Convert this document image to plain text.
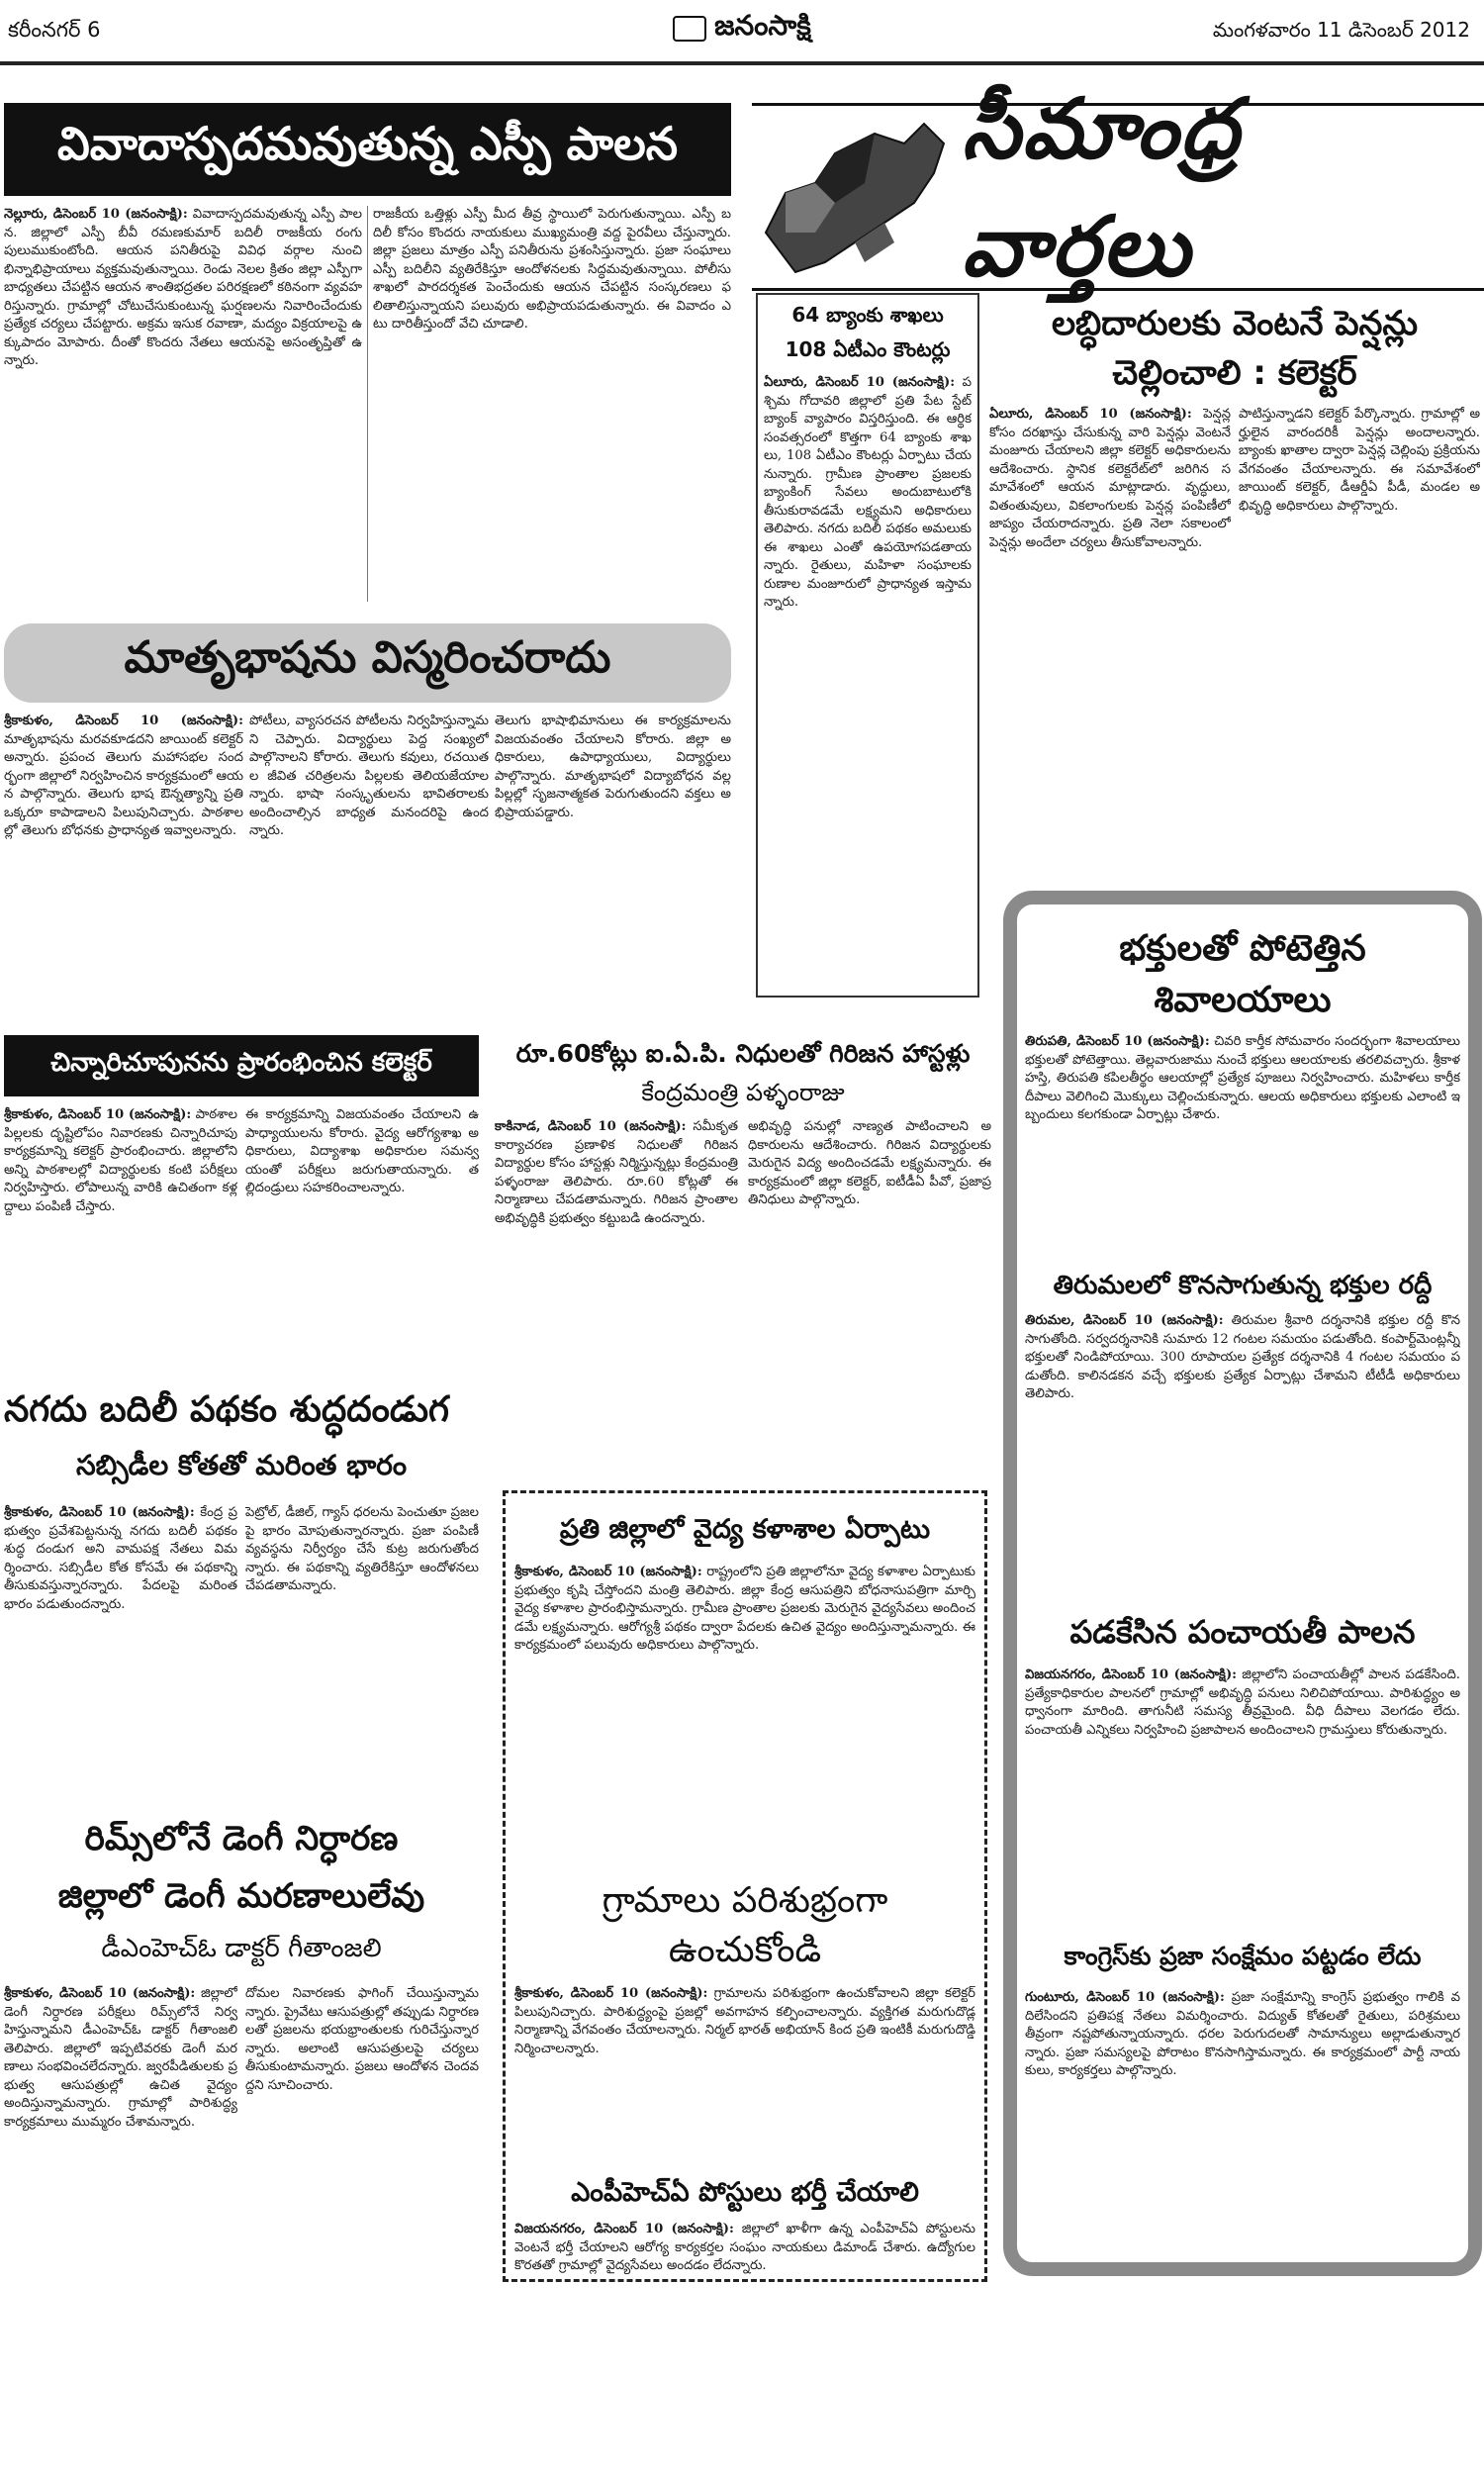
కరీంనగర్ 6	జనంసాక్షి	మంగళవారం 11 డిసెంబర్ 2012
వివాదాస్పదమవుతున్న ఎస్పీ పాలన
నెల్లూరు, డిసెంబర్ 10 (జనంసాక్షి): వివాదాస్పదమవుతున్న ఎస్పీ పాలన. జిల్లాలో ఎస్పీ బీవీ రమణకుమార్ బదిలీ రాజకీయ రంగు పులుముకుంటోంది. ఆయన పనితీరుపై వివిధ వర్గాల నుంచి భిన్నాభిప్రాయాలు వ్యక్తమవుతున్నాయి. రెండు నెలల క్రితం జిల్లా ఎస్పీగా బాధ్యతలు చేపట్టిన ఆయన శాంతిభద్రతల పరిరక్షణలో కఠినంగా వ్యవహరిస్తున్నారు. గ్రామాల్లో చోటుచేసుకుంటున్న ఘర్షణలను నివారించేందుకు ప్రత్యేక చర్యలు చేపట్టారు. అక్రమ ఇసుక రవాణా, మద్యం విక్రయాలపై ఉక్కుపాదం మోపారు. దీంతో కొందరు నేతలు ఆయనపై అసంతృప్తితో ఉన్నారు.
రాజకీయ ఒత్తిళ్లు ఎస్పీ మీద తీవ్ర స్థాయిలో పెరుగుతున్నాయి. ఎస్పీ బదిలీ కోసం కొందరు నాయకులు ముఖ్యమంత్రి వద్ద పైరవీలు చేస్తున్నారు. జిల్లా ప్రజలు మాత్రం ఎస్పీ పనితీరును ప్రశంసిస్తున్నారు. ప్రజా సంఘాలు ఎస్పీ బదిలీని వ్యతిరేకిస్తూ ఆందోళనలకు సిద్ధమవుతున్నాయి. పోలీసు శాఖలో పారదర్శకత పెంచేందుకు ఆయన చేపట్టిన సంస్కరణలు ఫలితాలిస్తున్నాయని పలువురు అభిప్రాయపడుతున్నారు. ఈ వివాదం ఎటు దారితీస్తుందో వేచి చూడాలి.
మాతృభాషను విస్మరించరాదు
శ్రీకాకుళం, డిసెంబర్ 10 (జనంసాక్షి): మాతృభాషను మరవకూడదని జాయింట్ కలెక్టర్ అన్నారు. ప్రపంచ తెలుగు మహాసభల సందర్భంగా జిల్లాలో నిర్వహించిన కార్యక్రమంలో ఆయన పాల్గొన్నారు. తెలుగు భాష ఔన్నత్యాన్ని ప్రతి ఒక్కరూ కాపాడాలని పిలుపునిచ్చారు. పాఠశాలల్లో తెలుగు బోధనకు ప్రాధాన్యత ఇవ్వాలన్నారు.
పోటీలు, వ్యాసరచన పోటీలను నిర్వహిస్తున్నామని చెప్పారు. విద్యార్థులు పెద్ద సంఖ్యలో పాల్గొనాలని కోరారు. తెలుగు కవులు, రచయితల జీవిత చరిత్రలను పిల్లలకు తెలియజేయాలన్నారు. భాషా సంస్కృతులను భావితరాలకు అందించాల్సిన బాధ్యత మనందరిపై ఉందన్నారు.
తెలుగు భాషాభిమానులు ఈ కార్యక్రమాలను విజయవంతం చేయాలని కోరారు. జిల్లా అధికారులు, ఉపాధ్యాయులు, విద్యార్థులు పాల్గొన్నారు. మాతృభాషలో విద్యాబోధన వల్ల పిల్లల్లో సృజనాత్మకత పెరుగుతుందని వక్తలు అభిప్రాయపడ్డారు.
సీమాంధ్ర వార్తలు
64 బ్యాంకు శాఖలు
108 ఏటీఎం కౌంటర్లు
ఏలూరు, డిసెంబర్ 10 (జనంసాక్షి): పశ్చిమ గోదావరి జిల్లాలో ప్రతి పేట స్టేట్ బ్యాంక్ వ్యాపారం విస్తరిస్తుంది. ఈ ఆర్థిక సంవత్సరంలో కొత్తగా 64 బ్యాంకు శాఖలు, 108 ఏటీఎం కౌంటర్లు ఏర్పాటు చేయనున్నారు. గ్రామీణ ప్రాంతాల ప్రజలకు బ్యాంకింగ్ సేవలు అందుబాటులోకి తీసుకురావడమే లక్ష్యమని అధికారులు తెలిపారు. నగదు బదిలీ పథకం అమలుకు ఈ శాఖలు ఎంతో ఉపయోగపడతాయన్నారు. రైతులు, మహిళా సంఘాలకు రుణాల మంజూరులో ప్రాధాన్యత ఇస్తామన్నారు.
లబ్ధిదారులకు వెంటనే పెన్షన్లు చెల్లించాలి : కలెక్టర్
ఏలూరు, డిసెంబర్ 10 (జనంసాక్షి): పెన్షన్ల కోసం దరఖాస్తు చేసుకున్న వారి పెన్షన్లు వెంటనే మంజూరు చేయాలని జిల్లా కలెక్టర్ అధికారులను ఆదేశించారు. స్థానిక కలెక్టరేట్‌లో జరిగిన సమావేశంలో ఆయన మాట్లాడారు. వృద్ధులు, వితంతువులు, వికలాంగులకు పెన్షన్ల పంపిణీలో జాప్యం చేయరాదన్నారు. ప్రతి నెలా సకాలంలో పెన్షన్లు అందేలా చర్యలు తీసుకోవాలన్నారు.
పాటిస్తున్నాడని కలెక్టర్ పేర్కొన్నారు. గ్రామాల్లో అర్హులైన వారందరికీ పెన్షన్లు అందాలన్నారు. బ్యాంకు ఖాతాల ద్వారా పెన్షన్ల చెల్లింపు ప్రక్రియను వేగవంతం చేయాలన్నారు. ఈ సమావేశంలో జాయింట్ కలెక్టర్, డీఆర్డీఏ పీడీ, మండల అభివృద్ధి అధికారులు పాల్గొన్నారు.
భక్తులతో పోటెత్తిన
శివాలయాలు
తిరుపతి, డిసెంబర్ 10 (జనంసాక్షి): చివరి కార్తీక సోమవారం సందర్భంగా శివాలయాలు భక్తులతో పోటెత్తాయి. తెల్లవారుజాము నుంచే భక్తులు ఆలయాలకు తరలివచ్చారు. శ్రీకాళహస్తి, తిరుపతి కపిలతీర్థం ఆలయాల్లో ప్రత్యేక పూజలు నిర్వహించారు. మహిళలు కార్తీక దీపాలు వెలిగించి మొక్కులు చెల్లించుకున్నారు. ఆలయ అధికారులు భక్తులకు ఎలాంటి ఇబ్బందులు కలగకుండా ఏర్పాట్లు చేశారు.
తిరుమలలో కొనసాగుతున్న భక్తుల రద్దీ
తిరుమల, డిసెంబర్ 10 (జనంసాక్షి): తిరుమల శ్రీవారి దర్శనానికి భక్తుల రద్దీ కొనసాగుతోంది. సర్వదర్శనానికి సుమారు 12 గంటల సమయం పడుతోంది. కంపార్ట్‌మెంట్లన్నీ భక్తులతో నిండిపోయాయి. 300 రూపాయల ప్రత్యేక దర్శనానికి 4 గంటల సమయం పడుతోంది. కాలినడకన వచ్చే భక్తులకు ప్రత్యేక ఏర్పాట్లు చేశామని టీటీడీ అధికారులు తెలిపారు.
పడకేసిన పంచాయతీ పాలన
విజయనగరం, డిసెంబర్ 10 (జనంసాక్షి): జిల్లాలోని పంచాయతీల్లో పాలన పడకేసింది. ప్రత్యేకాధికారుల పాలనలో గ్రామాల్లో అభివృద్ధి పనులు నిలిచిపోయాయి. పారిశుద్ధ్యం అధ్వానంగా మారింది. తాగునీటి సమస్య తీవ్రమైంది. వీధి దీపాలు వెలగడం లేదు. పంచాయతీ ఎన్నికలు నిర్వహించి ప్రజాపాలన అందించాలని గ్రామస్తులు కోరుతున్నారు.
కాంగ్రెస్‌కు ప్రజా సంక్షేమం పట్టడం లేదు
గుంటూరు, డిసెంబర్ 10 (జనంసాక్షి): ప్రజా సంక్షేమాన్ని కాంగ్రెస్ ప్రభుత్వం గాలికి వదిలేసిందని ప్రతిపక్ష నేతలు విమర్శించారు. విద్యుత్ కోతలతో రైతులు, పరిశ్రమలు తీవ్రంగా నష్టపోతున్నాయన్నారు. ధరల పెరుగుదలతో సామాన్యులు అల్లాడుతున్నారన్నారు. ప్రజా సమస్యలపై పోరాటం కొనసాగిస్తామన్నారు. ఈ కార్యక్రమంలో పార్టీ నాయకులు, కార్యకర్తలు పాల్గొన్నారు.
చిన్నారిచూపునను ప్రారంభించిన కలెక్టర్
శ్రీకాకుళం, డిసెంబర్ 10 (జనంసాక్షి): పాఠశాల పిల్లలకు దృష్టిలోపం నివారణకు చిన్నారిచూపు కార్యక్రమాన్ని కలెక్టర్ ప్రారంభించారు. జిల్లాలోని అన్ని పాఠశాలల్లో విద్యార్థులకు కంటి పరీక్షలు నిర్వహిస్తారు. లోపాలున్న వారికి ఉచితంగా కళ్లద్దాలు పంపిణీ చేస్తారు.
ఈ కార్యక్రమాన్ని విజయవంతం చేయాలని ఉపాధ్యాయులను కోరారు. వైద్య ఆరోగ్యశాఖ అధికారులు, విద్యాశాఖ అధికారుల సమన్వయంతో పరీక్షలు జరుగుతాయన్నారు. తల్లిదండ్రులు సహకరించాలన్నారు.
రూ.60కోట్లు ఐ.ఏ.పి. నిధులతో గిరిజన హాస్టళ్లు
కేంద్రమంత్రి పళ్ళంరాజు
కాకినాడ, డిసెంబర్ 10 (జనంసాక్షి): సమీకృత కార్యాచరణ ప్రణాళిక నిధులతో గిరిజన విద్యార్థుల కోసం హాస్టళ్లు నిర్మిస్తున్నట్లు కేంద్రమంత్రి పళ్ళంరాజు తెలిపారు. రూ.60 కోట్లతో ఈ నిర్మాణాలు చేపడతామన్నారు. గిరిజన ప్రాంతాల అభివృద్ధికి ప్రభుత్వం కట్టుబడి ఉందన్నారు.
అభివృద్ధి పనుల్లో నాణ్యత పాటించాలని అధికారులను ఆదేశించారు. గిరిజన విద్యార్థులకు మెరుగైన విద్య అందించడమే లక్ష్యమన్నారు. ఈ కార్యక్రమంలో జిల్లా కలెక్టర్, ఐటీడీఏ పీవో, ప్రజాప్రతినిధులు పాల్గొన్నారు.
నగదు బదిలీ పథకం శుద్ధదండుగ
సబ్సిడీల కోతతో మరింత భారం
శ్రీకాకుళం, డిసెంబర్ 10 (జనంసాక్షి): కేంద్ర ప్రభుత్వం ప్రవేశపెట్టనున్న నగదు బదిలీ పథకం శుద్ధ దండుగ అని వామపక్ష నేతలు విమర్శించారు. సబ్సిడీల కోత కోసమే ఈ పథకాన్ని తీసుకువస్తున్నారన్నారు. పేదలపై మరింత భారం పడుతుందన్నారు.
పెట్రోల్, డీజిల్, గ్యాస్ ధరలను పెంచుతూ ప్రజలపై భారం మోపుతున్నారన్నారు. ప్రజా పంపిణీ వ్యవస్థను నిర్వీర్యం చేసే కుట్ర జరుగుతోందన్నారు. ఈ పథకాన్ని వ్యతిరేకిస్తూ ఆందోళనలు చేపడతామన్నారు.
ప్రతి జిల్లాలో వైద్య కళాశాల ఏర్పాటు
శ్రీకాకుళం, డిసెంబర్ 10 (జనంసాక్షి): రాష్ట్రంలోని ప్రతి జిల్లాలోనూ వైద్య కళాశాల ఏర్పాటుకు ప్రభుత్వం కృషి చేస్తోందని మంత్రి తెలిపారు. జిల్లా కేంద్ర ఆసుపత్రిని బోధనాసుపత్రిగా మార్చి వైద్య కళాశాల ప్రారంభిస్తామన్నారు. గ్రామీణ ప్రాంతాల ప్రజలకు మెరుగైన వైద్యసేవలు అందించడమే లక్ష్యమన్నారు. ఆరోగ్యశ్రీ పథకం ద్వారా పేదలకు ఉచిత వైద్యం అందిస్తున్నామన్నారు. ఈ కార్యక్రమంలో పలువురు అధికారులు పాల్గొన్నారు.
గ్రామాలు పరిశుభ్రంగా
ఉంచుకోండి
శ్రీకాకుళం, డిసెంబర్ 10 (జనంసాక్షి): గ్రామాలను పరిశుభ్రంగా ఉంచుకోవాలని జిల్లా కలెక్టర్ పిలుపునిచ్చారు. పారిశుద్ధ్యంపై ప్రజల్లో అవగాహన కల్పించాలన్నారు. వ్యక్తిగత మరుగుదొడ్ల నిర్మాణాన్ని వేగవంతం చేయాలన్నారు. నిర్మల్ భారత్ అభియాన్ కింద ప్రతి ఇంటికీ మరుగుదొడ్డి నిర్మించాలన్నారు.
ఎంపీహెచ్‌ఏ పోస్టులు భర్తీ చేయాలి
విజయనగరం, డిసెంబర్ 10 (జనంసాక్షి): జిల్లాలో ఖాళీగా ఉన్న ఎంపీహెచ్‌ఏ పోస్టులను వెంటనే భర్తీ చేయాలని ఆరోగ్య కార్యకర్తల సంఘం నాయకులు డిమాండ్ చేశారు. ఉద్యోగుల కొరతతో గ్రామాల్లో వైద్యసేవలు అందడం లేదన్నారు.
రిమ్స్‌లోనే డెంగీ నిర్ధారణ
జిల్లాలో డెంగీ మరణాలులేవు
డీఎంహెచ్‌ఓ డాక్టర్ గీతాంజలి
శ్రీకాకుళం, డిసెంబర్ 10 (జనంసాక్షి): జిల్లాలో డెంగీ నిర్ధారణ పరీక్షలు రిమ్స్‌లోనే నిర్వహిస్తున్నామని డీఎంహెచ్‌ఓ డాక్టర్ గీతాంజలి తెలిపారు. జిల్లాలో ఇప్పటివరకు డెంగీ మరణాలు సంభవించలేదన్నారు. జ్వరపీడితులకు ప్రభుత్వ ఆసుపత్రుల్లో ఉచిత వైద్యం అందిస్తున్నామన్నారు. గ్రామాల్లో పారిశుద్ధ్య కార్యక్రమాలు ముమ్మరం చేశామన్నారు.
దోమల నివారణకు ఫాగింగ్ చేయిస్తున్నామన్నారు. ప్రైవేటు ఆసుపత్రుల్లో తప్పుడు నిర్ధారణలతో ప్రజలను భయభ్రాంతులకు గురిచేస్తున్నారన్నారు. అలాంటి ఆసుపత్రులపై చర్యలు తీసుకుంటామన్నారు. ప్రజలు ఆందోళన చెందవద్దని సూచించారు.
